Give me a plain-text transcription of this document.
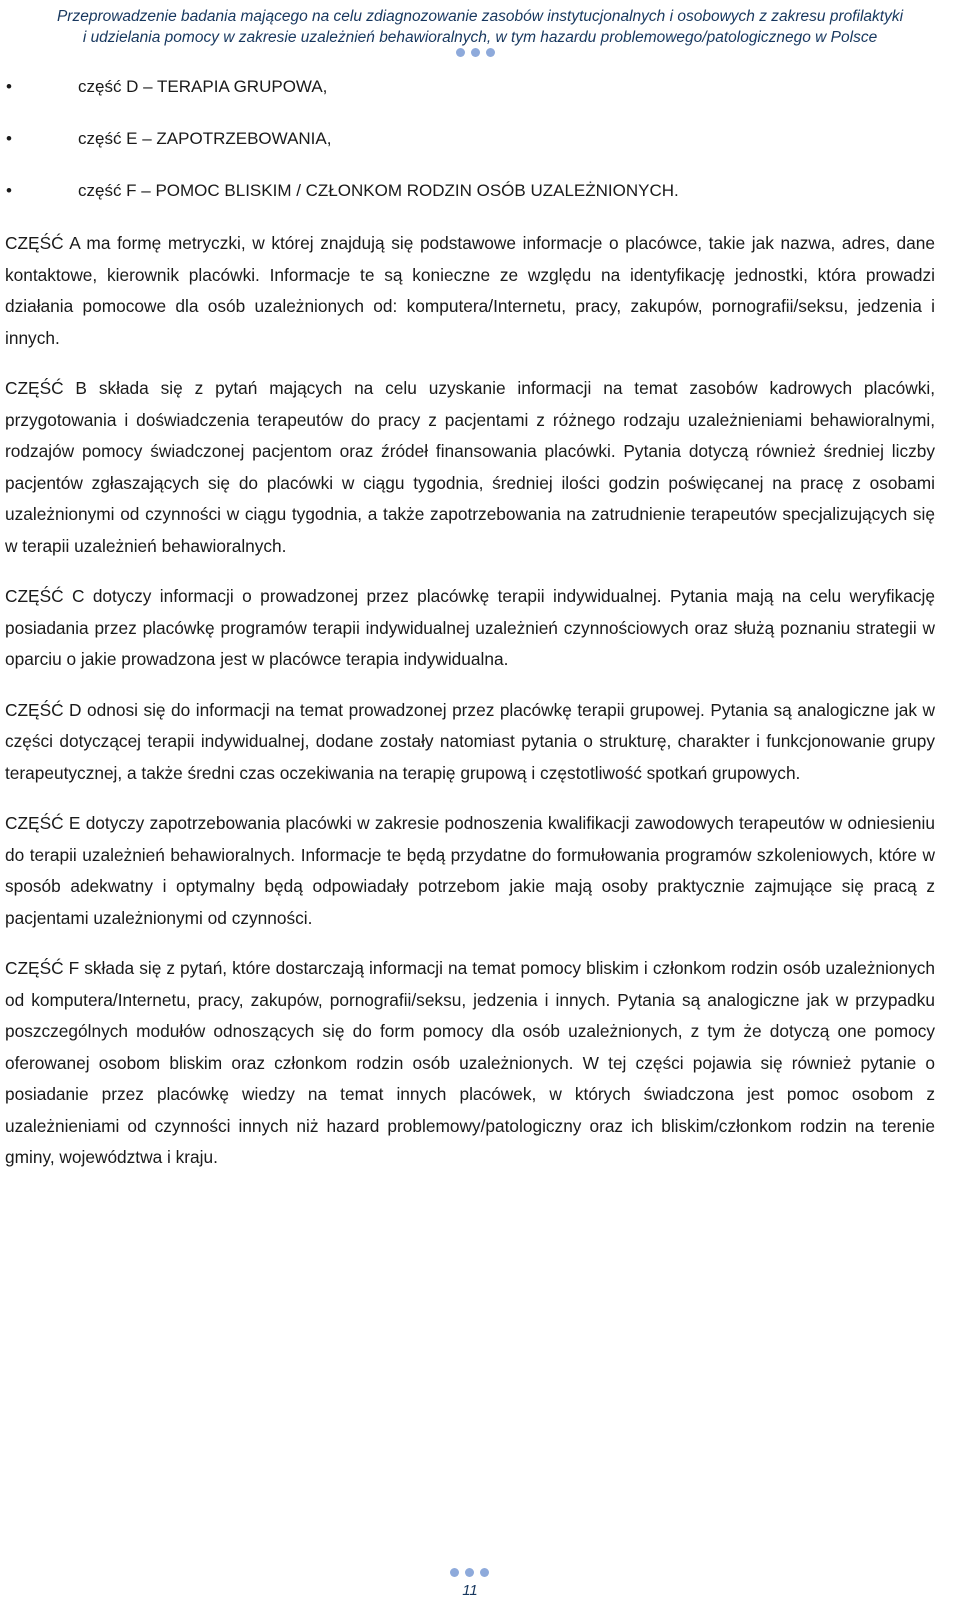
Przeprowadzenie badania mającego na celu zdiagnozowanie zasobów instytucjonalnych i osobowych z zakresu profilaktyki
i udzielania pomocy w zakresie uzależnień behawioralnych, w tym hazardu problemowego/patologicznego w Polsce
•	część D – TERAPIA GRUPOWA,
•	część E – ZAPOTRZEBOWANIA,
•	część F – POMOC BLISKIM / CZŁONKOM RODZIN OSÓB UZALEŻNIONYCH.

CZĘŚĆ A ma formę metryczki, w której znajdują się podstawowe informacje o placówce, takie jak nazwa, adres, dane kontaktowe, kierownik placówki. Informacje te są konieczne ze względu na identyfikację jednostki, która prowadzi działania pomocowe dla osób uzależnionych od: komputera/Internetu, pracy, zakupów, pornografii/seksu, jedzenia i innych.

CZĘŚĆ B składa się z pytań mających na celu uzyskanie informacji na temat zasobów kadrowych placówki, przygotowania i doświadczenia terapeutów do pracy z pacjentami z różnego rodzaju uzależnieniami behawioralnymi, rodzajów pomocy świadczonej pacjentom oraz źródeł finansowania placówki. Pytania dotyczą również średniej liczby pacjentów zgłaszających się do placówki w ciągu tygodnia, średniej ilości godzin poświęcanej na pracę z osobami uzależnionymi od czynności w ciągu tygodnia, a także zapotrzebowania na zatrudnienie terapeutów specjalizujących się w terapii uzależnień behawioralnych.

CZĘŚĆ C dotyczy informacji o prowadzonej przez placówkę terapii indywidualnej. Pytania mają na celu weryfikację posiadania przez placówkę programów terapii indywidualnej uzależnień czynnościowych oraz służą poznaniu strategii w oparciu o jakie prowadzona jest w placówce terapia indywidualna.

CZĘŚĆ D odnosi się do informacji na temat prowadzonej przez placówkę terapii grupowej. Pytania są analogiczne jak w części dotyczącej terapii indywidualnej, dodane zostały natomiast pytania o strukturę, charakter i funkcjonowanie grupy terapeutycznej, a także średni czas oczekiwania na terapię grupową i częstotliwość spotkań grupowych.

CZĘŚĆ E dotyczy zapotrzebowania placówki w zakresie podnoszenia kwalifikacji zawodowych terapeutów w odniesieniu do terapii uzależnień behawioralnych. Informacje te będą przydatne do formułowania programów szkoleniowych, które w sposób adekwatny i optymalny będą odpowiadały potrzebom jakie mają osoby praktycznie zajmujące się pracą z pacjentami uzależnionymi od czynności.

CZĘŚĆ F składa się z pytań, które dostarczają informacji na temat pomocy bliskim i członkom rodzin osób uzależnionych od komputera/Internetu, pracy, zakupów, pornografii/seksu, jedzenia i innych. Pytania są analogiczne jak w przypadku poszczególnych modułów odnoszących się do form pomocy dla osób uzależnionych, z tym że dotyczą one pomocy oferowanej osobom bliskim oraz członkom rodzin osób uzależnionych. W tej części pojawia się również pytanie o posiadanie przez placówkę wiedzy na temat innych placówek, w których świadczona jest pomoc osobom z uzależnieniami od czynności innych niż hazard problemowy/patologiczny oraz ich bliskim/członkom rodzin na terenie gminy, województwa i kraju.

11
